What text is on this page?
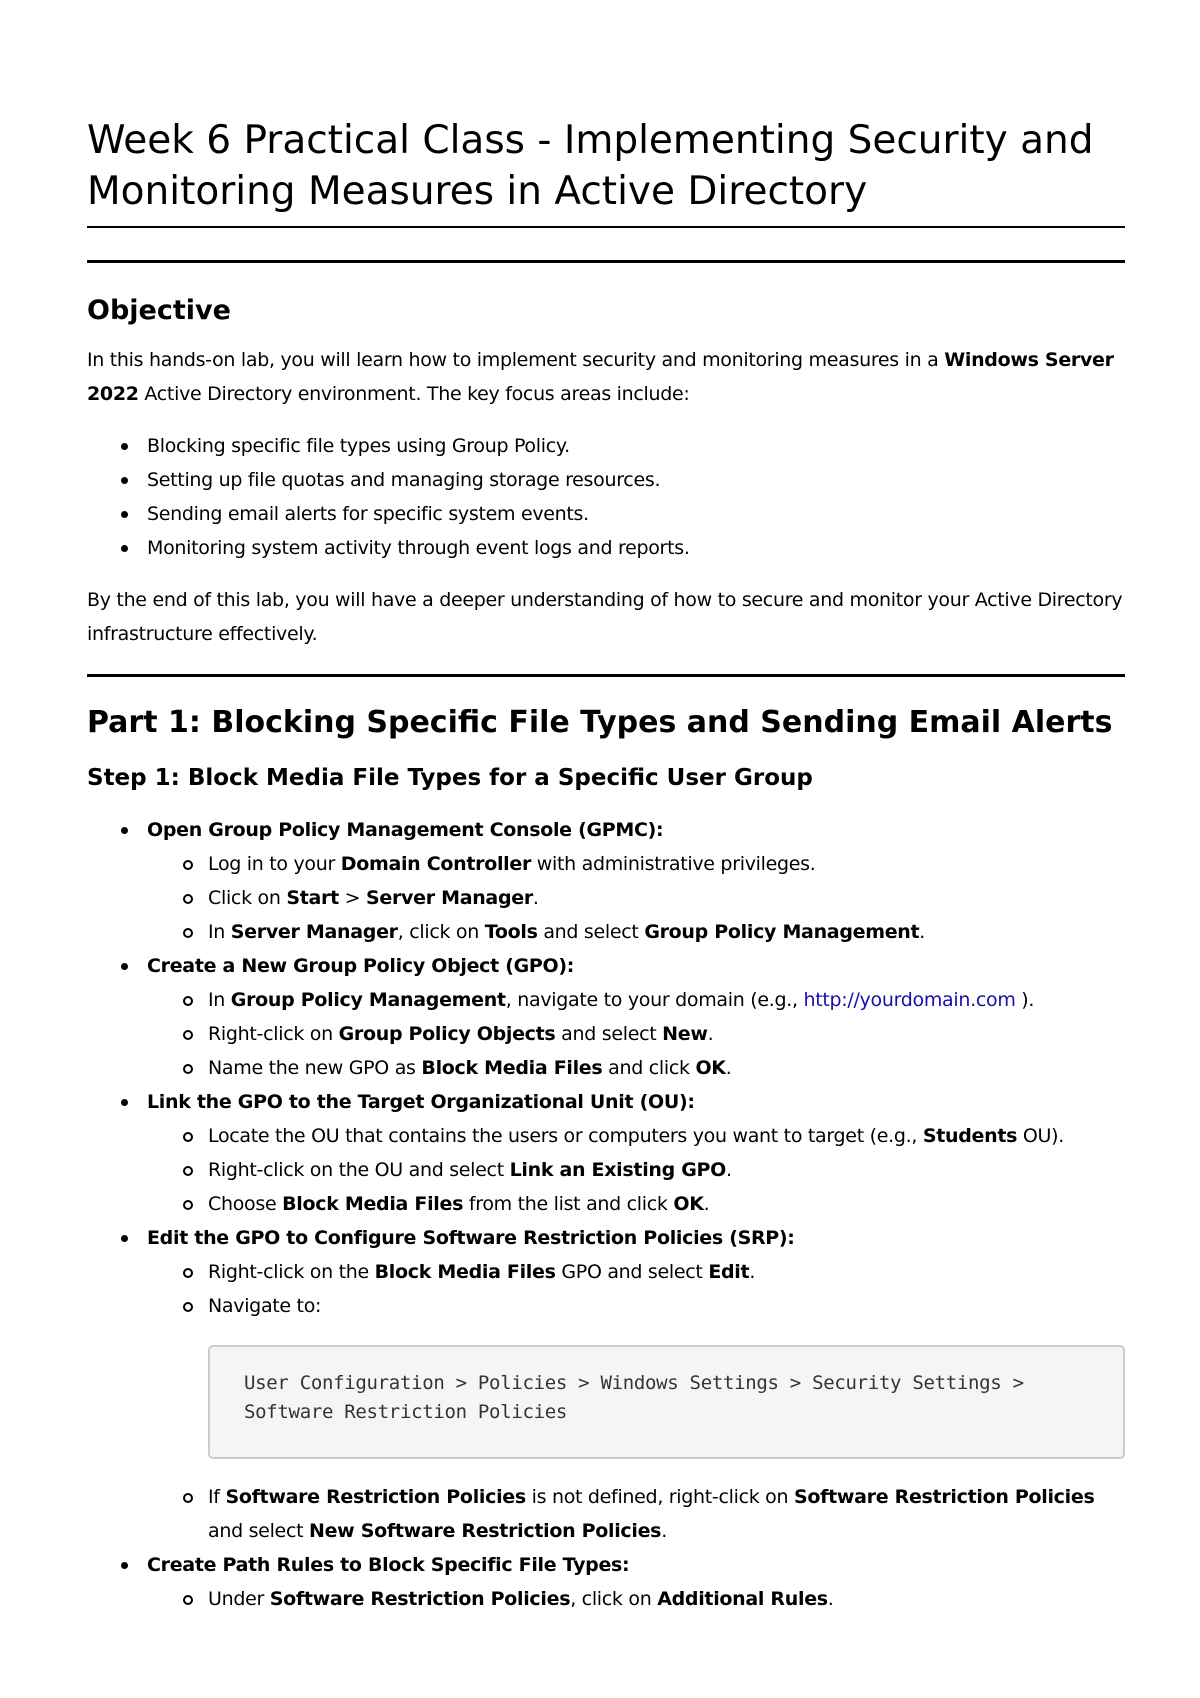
Week 6 Practical Class - Implementing Security and Monitoring Measures in Active Directory
Objective

In this hands-on lab, you will learn how to implement security and monitoring measures in a Windows Server 2022 Active Directory environment. The key focus areas include:

Blocking specific file types using Group Policy.
Setting up file quotas and managing storage resources.
Sending email alerts for specific system events.
Monitoring system activity through event logs and reports.

By the end of this lab, you will have a deeper understanding of how to secure and monitor your Active Directory infrastructure effectively.

Part 1: Blocking Specific File Types and Sending Email Alerts
Step 1: Block Media File Types for a Specific User Group
Open Group Policy Management Console (GPMC):
Log in to your Domain Controller with administrative privileges.
Click on Start > Server Manager.
In Server Manager, click on Tools and select Group Policy Management.
Create a New Group Policy Object (GPO):
In Group Policy Management, navigate to your domain (e.g., http://yourdomain.com ).
Right-click on Group Policy Objects and select New.
Name the new GPO as Block Media Files and click OK.
Link the GPO to the Target Organizational Unit (OU):
Locate the OU that contains the users or computers you want to target (e.g., Students OU).
Right-click on the OU and select Link an Existing GPO.
Choose Block Media Files from the list and click OK.
Edit the GPO to Configure Software Restriction Policies (SRP):
Right-click on the Block Media Files GPO and select Edit.
Navigate to:
User Configuration > Policies > Windows Settings > Security Settings >
Software Restriction Policies
If Software Restriction Policies is not defined, right-click on Software Restriction Policies and select New Software Restriction Policies.
Create Path Rules to Block Specific File Types:
Under Software Restriction Policies, click on Additional Rules.
